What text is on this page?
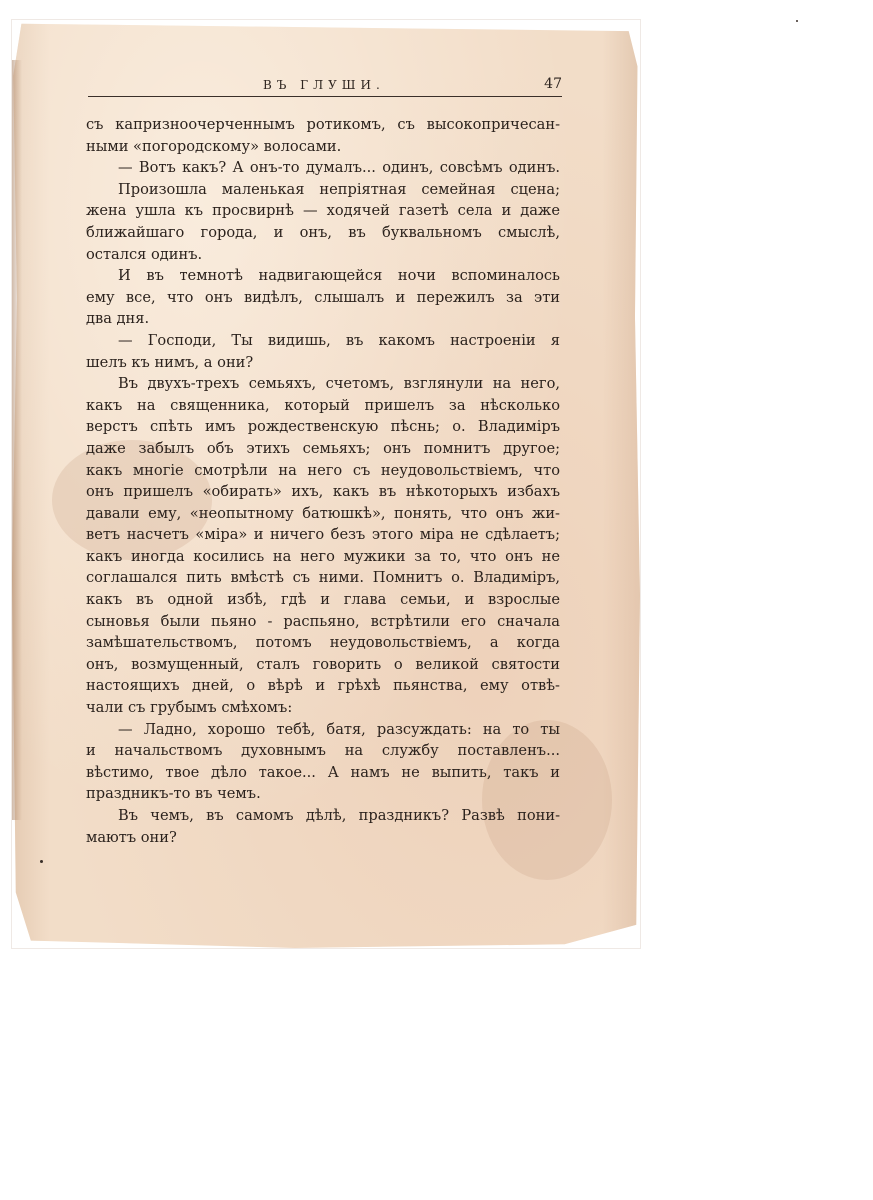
ВЪ ГЛУШИ.	47
съ капризноочерченнымъ ротикомъ, съ высокопричесан-
ными «погородскому» волосами.
— Вотъ какъ? А онъ-то думалъ... одинъ, совсѣмъ одинъ.
Произошла маленькая непріятная семейная сцена;
жена ушла къ просвирнѣ — ходячей газетѣ села и даже
ближайшаго города, и онъ, въ буквальномъ смыслѣ,
остался одинъ.
И въ темнотѣ надвигающейся ночи вспоминалось
ему все, что онъ видѣлъ, слышалъ и пережилъ за эти
два дня.
— Господи, Ты видишь, въ какомъ настроеніи я
шелъ къ нимъ, а они?
Въ двухъ-трехъ семьяхъ, счетомъ, взглянули на него,
какъ на священника, который пришелъ за нѣсколько
верстъ спѣть имъ рождественскую пѣснь; о. Владиміръ
даже забылъ объ этихъ семьяхъ; онъ помнитъ другое;
какъ многіе смотрѣли на него съ неудовольствіемъ, что
онъ пришелъ «обирать» ихъ, какъ въ нѣкоторыхъ избахъ
давали ему, «неопытному батюшкѣ», понять, что онъ жи-
ветъ насчетъ «міра» и ничего безъ этого міра не сдѣлаетъ;
какъ иногда косились на него мужики за то, что онъ не
соглашался пить вмѣстѣ съ ними. Помнитъ о. Владиміръ,
какъ въ одной избѣ, гдѣ и глава семьи, и взрослые
сыновья были пьяно - распьяно, встрѣтили его сначала
замѣшательствомъ, потомъ неудовольствіемъ, а когда
онъ, возмущенный, сталъ говорить о великой святости
настоящихъ дней, о вѣрѣ и грѣхѣ пьянства, ему отвѣ-
чали съ грубымъ смѣхомъ:
— Ладно, хорошо тебѣ, батя, разсуждать: на то ты
и начальствомъ духовнымъ на службу поставленъ...
вѣстимо, твое дѣло такое... А намъ не выпить, такъ и
праздникъ-то въ чемъ.
Въ чемъ, въ самомъ дѣлѣ, праздникъ? Развѣ пони-
маютъ они?
